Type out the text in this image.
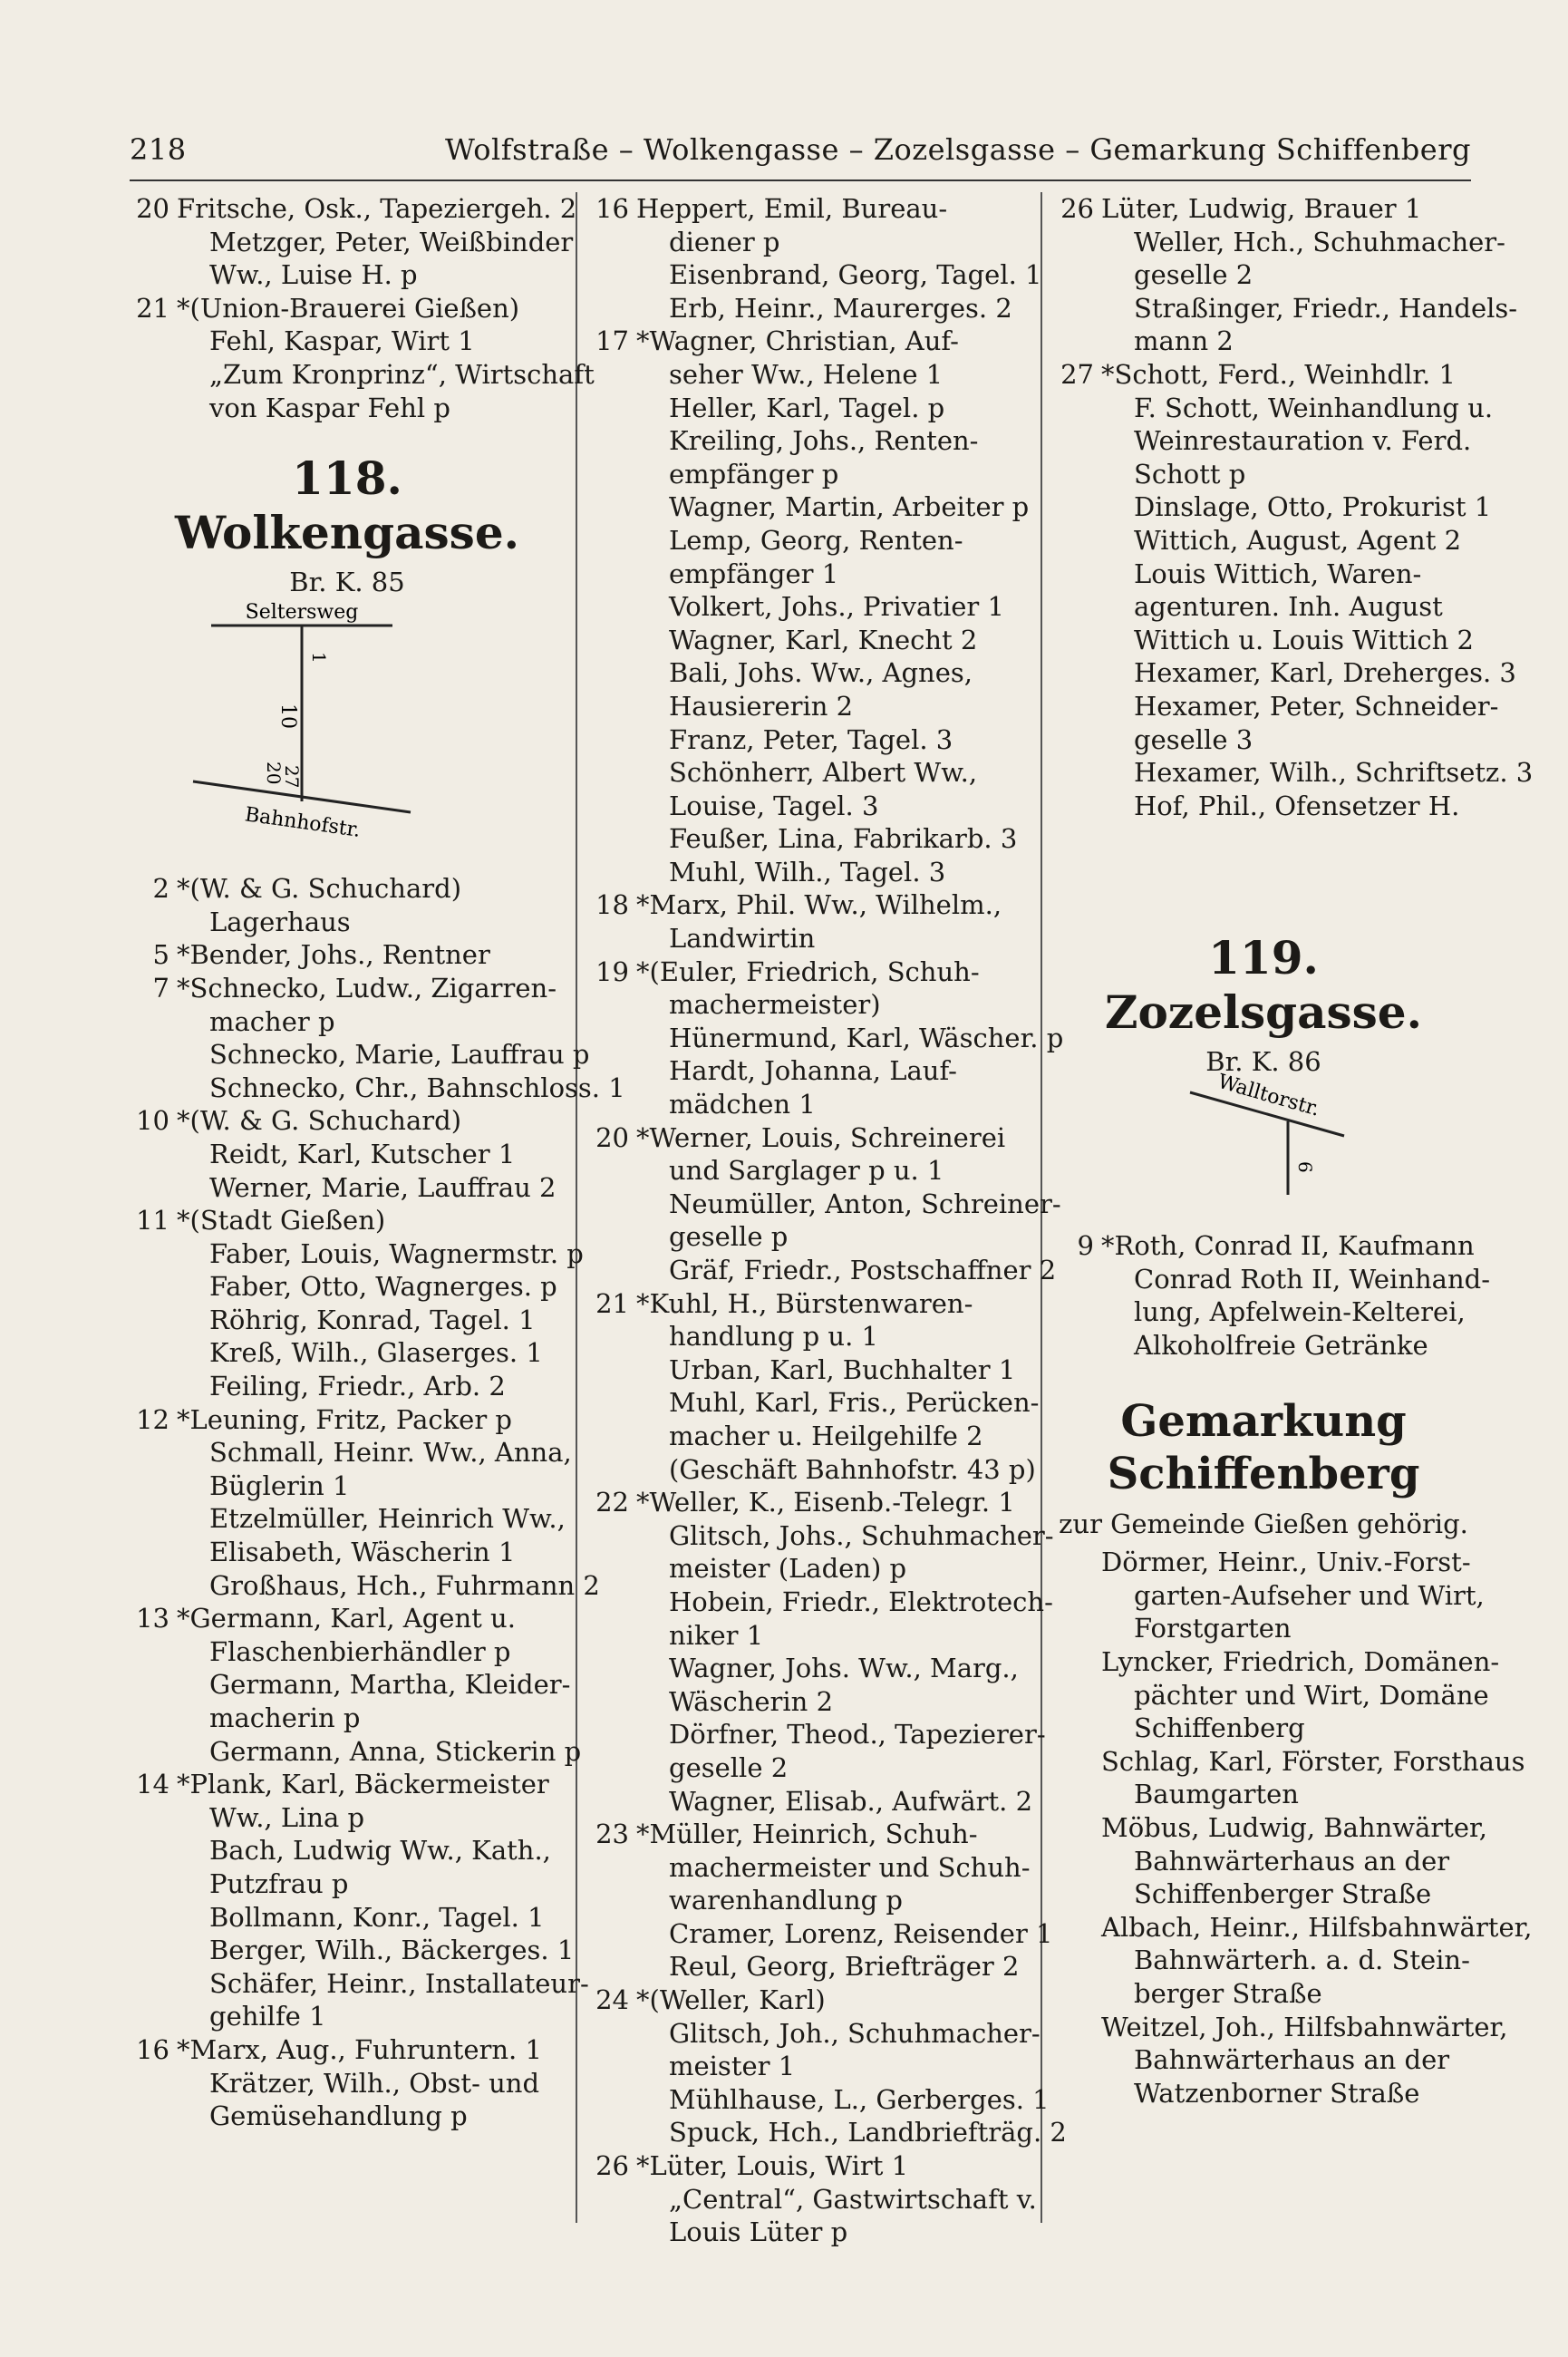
218	Wolfstraße – Wolkengasse – Zozelsgasse – Gemarkung Schiffenberg
20 Fritsche, Osk., Tapeziergeh. 2
Metzger, Peter, Weißbinder
Ww., Luise H. p
21 *(Union-Brauerei Gießen)
Fehl, Kaspar, Wirt 1
„Zum Kronprinz“, Wirtschaft
von Kaspar Fehl p
118. Wolkengasse.
Br. K. 85
Seltersweg
1
10
20
27
Bahnhofstr.
2 *(W. & G. Schuchard)
Lagerhaus
5 *Bender, Johs., Rentner
7 *Schnecko, Ludw., Zigarren-
macher p
Schnecko, Marie, Lauffrau p
Schnecko, Chr., Bahnschloss. 1
10 *(W. & G. Schuchard)
Reidt, Karl, Kutscher 1
Werner, Marie, Lauffrau 2
11 *(Stadt Gießen)
Faber, Louis, Wagnermstr. p
Faber, Otto, Wagnerges. p
Röhrig, Konrad, Tagel. 1
Kreß, Wilh., Glaserges. 1
Feiling, Friedr., Arb. 2
12 *Leuning, Fritz, Packer p
Schmall, Heinr. Ww., Anna,
Büglerin 1
Etzelmüller, Heinrich Ww.,
Elisabeth, Wäscherin 1
Großhaus, Hch., Fuhrmann 2
13 *Germann, Karl, Agent u.
Flaschenbierhändler p
Germann, Martha, Kleider-
macherin p
Germann, Anna, Stickerin p
14 *Plank, Karl, Bäckermeister
Ww., Lina p
Bach, Ludwig Ww., Kath.,
Putzfrau p
Bollmann, Konr., Tagel. 1
Berger, Wilh., Bäckerges. 1
Schäfer, Heinr., Installateur-
gehilfe 1
16 *Marx, Aug., Fuhruntern. 1
Krätzer, Wilh., Obst- und
Gemüsehandlung p
16 Heppert, Emil, Bureau-
diener p
Eisenbrand, Georg, Tagel. 1
Erb, Heinr., Maurerges. 2
17 *Wagner, Christian, Auf-
seher Ww., Helene 1
Heller, Karl, Tagel. p
Kreiling, Johs., Renten-
empfänger p
Wagner, Martin, Arbeiter p
Lemp, Georg, Renten-
empfänger 1
Volkert, Johs., Privatier 1
Wagner, Karl, Knecht 2
Bali, Johs. Ww., Agnes,
Hausiererin 2
Franz, Peter, Tagel. 3
Schönherr, Albert Ww.,
Louise, Tagel. 3
Feußer, Lina, Fabrikarb. 3
Muhl, Wilh., Tagel. 3
18 *Marx, Phil. Ww., Wilhelm.,
Landwirtin
19 *(Euler, Friedrich, Schuh-
machermeister)
Hünermund, Karl, Wäscher. p
Hardt, Johanna, Lauf-
mädchen 1
20 *Werner, Louis, Schreinerei
und Sarglager p u. 1
Neumüller, Anton, Schreiner-
geselle p
Gräf, Friedr., Postschaffner 2
21 *Kuhl, H., Bürstenwaren-
handlung p u. 1
Urban, Karl, Buchhalter 1
Muhl, Karl, Fris., Perücken-
macher u. Heilgehilfe 2
(Geschäft Bahnhofstr. 43 p)
22 *Weller, K., Eisenb.-Telegr. 1
Glitsch, Johs., Schuhmacher-
meister (Laden) p
Hobein, Friedr., Elektrotech-
niker 1
Wagner, Johs. Ww., Marg.,
Wäscherin 2
Dörfner, Theod., Tapezierer-
geselle 2
Wagner, Elisab., Aufwärt. 2
23 *Müller, Heinrich, Schuh-
machermeister und Schuh-
warenhandlung p
Cramer, Lorenz, Reisender 1
Reul, Georg, Briefträger 2
24 *(Weller, Karl)
Glitsch, Joh., Schuhmacher-
meister 1
Mühlhause, L., Gerberges. 1
Spuck, Hch., Landbriefträg. 2
26 *Lüter, Louis, Wirt 1
„Central“, Gastwirtschaft v.
Louis Lüter p
26 Lüter, Ludwig, Brauer 1
Weller, Hch., Schuhmacher-
geselle 2
Straßinger, Friedr., Handels-
mann 2
27 *Schott, Ferd., Weinhdlr. 1
F. Schott, Weinhandlung u.
Weinrestauration v. Ferd.
Schott p
Dinslage, Otto, Prokurist 1
Wittich, August, Agent 2
Louis Wittich, Waren-
agenturen. Inh. August
Wittich u. Louis Wittich 2
Hexamer, Karl, Dreherges. 3
Hexamer, Peter, Schneider-
geselle 3
Hexamer, Wilh., Schriftsetz. 3
Hof, Phil., Ofensetzer H.
119. Zozelsgasse.
Br. K. 86
Walltorstr.
6
9 *Roth, Conrad II, Kaufmann
Conrad Roth II, Weinhand-
lung, Apfelwein-Kelterei,
Alkoholfreie Getränke
Gemarkung
Schiffenberg
zur Gemeinde Gießen gehörig.
Dörmer, Heinr., Univ.-Forst-
garten-Aufseher und Wirt,
Forstgarten
Lyncker, Friedrich, Domänen-
pächter und Wirt, Domäne
Schiffenberg
Schlag, Karl, Förster, Forsthaus
Baumgarten
Möbus, Ludwig, Bahnwärter,
Bahnwärterhaus an der
Schiffenberger Straße
Albach, Heinr., Hilfsbahnwärter,
Bahnwärterh. a. d. Stein-
berger Straße
Weitzel, Joh., Hilfsbahnwärter,
Bahnwärterhaus an der
Watzenborner Straße
